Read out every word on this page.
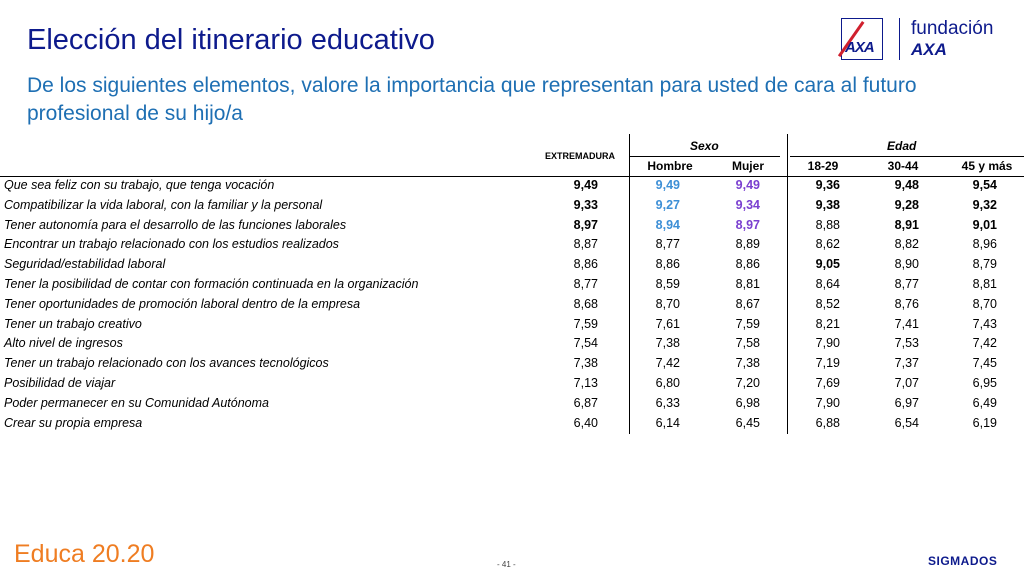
Elección del itinerario educativo

De los siguientes elementos, valore la importancia que representan para usted de cara al futuro profesional de su hijo/a

AXA
fundación
AXA
EXTREMADURA
Sexo	Edad
Hombre	Mujer	18-29	30-44	45 y más
Que sea feliz con su trabajo, que tenga vocación	9,49	9,49	9,49	9,36	9,48	9,54
Compatibilizar la vida laboral, con la familiar y la personal	9,33	9,27	9,34	9,38	9,28	9,32
Tener autonomía para el desarrollo de las funciones laborales	8,97	8,94	8,97	8,88	8,91	9,01
Encontrar un trabajo relacionado con los estudios realizados	8,87	8,77	8,89	8,62	8,82	8,96
Seguridad/estabilidad laboral	8,86	8,86	8,86	9,05	8,90	8,79
Tener la posibilidad de contar con formación continuada en la organización	8,77	8,59	8,81	8,64	8,77	8,81
Tener oportunidades de promoción laboral dentro de la empresa	8,68	8,70	8,67	8,52	8,76	8,70
Tener un trabajo creativo	7,59	7,61	7,59	8,21	7,41	7,43
Alto nivel de ingresos	7,54	7,38	7,58	7,90	7,53	7,42
Tener un trabajo relacionado con los avances tecnológicos	7,38	7,42	7,38	7,19	7,37	7,45
Posibilidad de viajar	7,13	6,80	7,20	7,69	7,07	6,95
Poder permanecer en su Comunidad Autónoma	6,87	6,33	6,98	7,90	6,97	6,49
Crear su propia empresa	6,40	6,14	6,45	6,88	6,54	6,19
Educa 20.20	- 41 -	SIGMADOS
